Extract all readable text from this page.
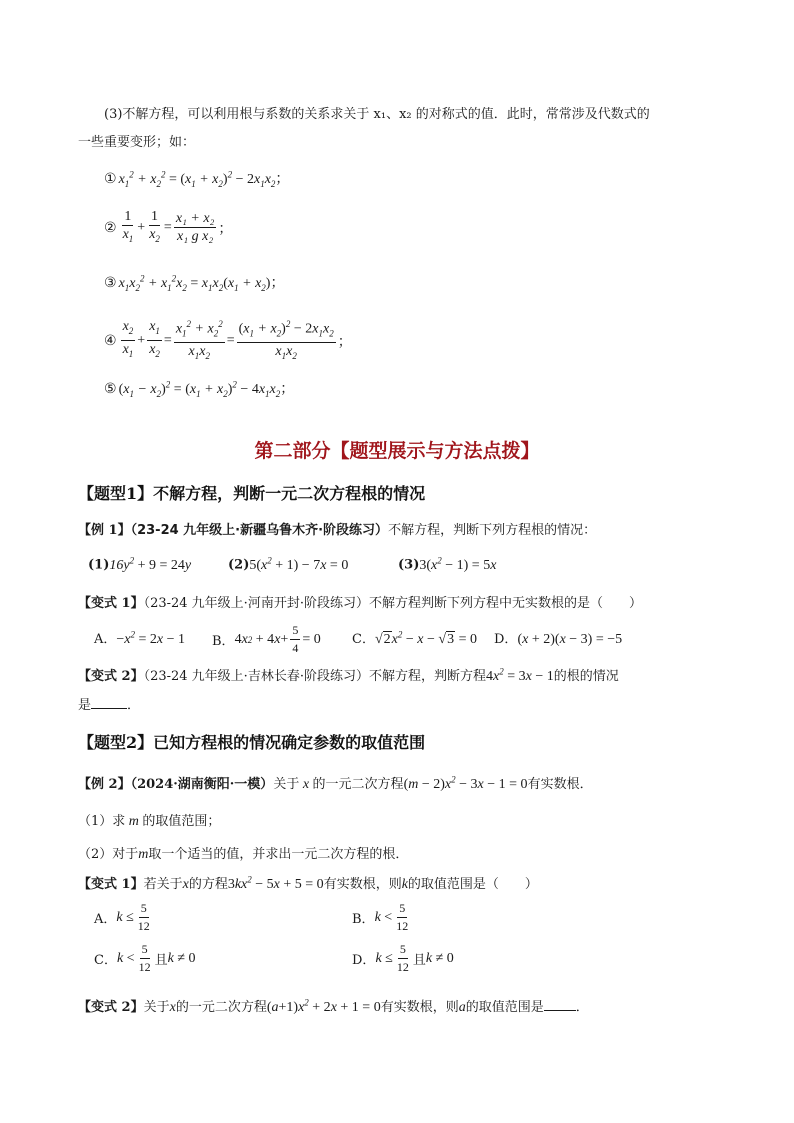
(3)不解方程，可以利用根与系数的关系求关于 x₁、x₂ 的对称式的值．此时，常常涉及代数式的
一些重要变形；如：
① $x_1^2 + x_2^2 = (x_1 + x_2)^2 - 2x_1x_2$；
② $\frac{1}{x_1} + \frac{1}{x_2} = \frac{\text{x₁ + x₂}}{\text{x₁ g x₂}}$ ；
③ $x_1x_2^2 + x_1^2x_2 = x_1x_2(x_1 + x_2)$；
④ $\frac{x_2}{x_1} + \frac{x_1}{x_2} = \frac{x_1^2 + x_2^2}{x_1x_2} = \frac{(x_1 + x_2)^2 - 2x_1x_2}{x_1x_2}$ ；
⑤ $(x_1 - x_2)^2 = (x_1 + x_2)^2 - 4x_1x_2$；
第二部分【题型展示与方法点拨】
【题型1】不解方程，判断一元二次方程根的情况
【例 1】（23-24 九年级上·新疆乌鲁木齐·阶段练习）不解方程，判断下列方程根的情况：
$(1)16y^2 + 9 = 24y$	$(2)5(x^2 + 1) - 7x = 0$	$(3)3(x^2 - 1) = 5x$
【变式 1】（23-24 九年级上·河南开封·阶段练习）不解方程判断下列方程中无实数根的是（　　）
A．$-x^2 = 2x - 1$ B． 4 x 2 + 4 $x + \frac{5}{4} = 0$ C．$√2x^2 - x - √3 = 0$ D．(x + 2)(x − 3) = −5
【变式 2】（23-24 九年级上·吉林长春·阶段练习）不解方程，判断方程$4x^2 = 3x - 1$的根的情况
是	．
【题型2】已知方程根的情况确定参数的取值范围
【例 2】（2024·湖南衡阳·一模）关于 x 的一元二次方程$(m - 2)x^2 - 3x - 1 = 0$有实数根．
（1）求 m 的取值范围；
（2）对于m取一个适当的值，并求出一元二次方程的根．
【变式 1】若关于x的方程$3kx^2 - 5x + 5 = 0$有实数根，则k的取值范围是（　　）
A． $k \le \frac{5}{12}$	B． $k < \frac{5}{12}$
C． $k < \frac{5}{12}$ 且 k ≠ 0	D． $k \le \frac{5}{12}$ 且 k ≠ 0
【变式 2】关于x的一元二次方程$(a+1)x^2 + 2x + 1 = 0$有实数根，则a的取值范围是 ．
